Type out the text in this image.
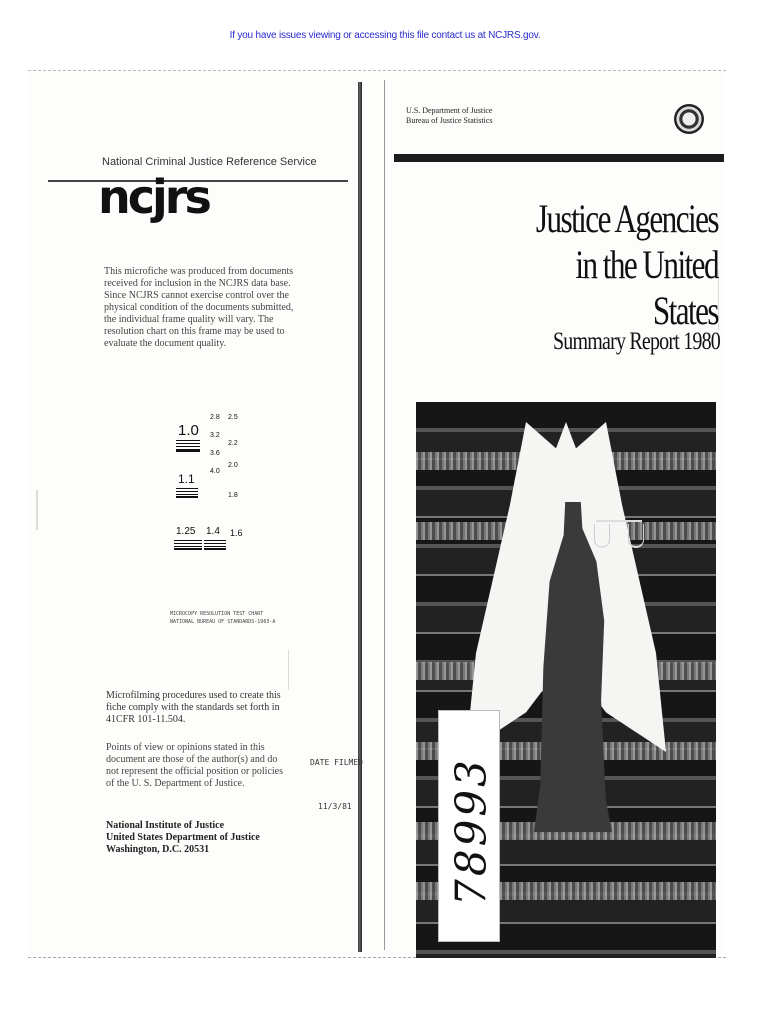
If you have issues viewing or accessing this file contact us at NCJRS.gov.
National Criminal Justice Reference Service
ncjrs
This microfiche was produced from documents received for inclusion in the NCJRS data base. Since NCJRS cannot exercise control over the physical condition of the documents submitted, the individual frame quality will vary. The resolution chart on this frame may be used to evaluate the document quality.
1.0
2.8 2.5
3.2
2.2
3.6
2.0
4.0
1.1
1.8
1.25 1.4 1.6
MICROCOPY RESOLUTION TEST CHART
NATIONAL BUREAU OF STANDARDS-1963-A
Microfilming procedures used to create this fiche comply with the standards set forth in 41CFR 101-11.504.
Points of view or opinions stated in this document are those of the author(s) and do not represent the official position or policies of the U. S. Department of Justice.
DATE FILMED
11/3/81
National Institute of Justice
United States Department of Justice
Washington, D.C. 20531
U.S. Department of Justice
Bureau of Justice Statistics
Justice Agencies
in the United States
Summary Report 1980
78993
